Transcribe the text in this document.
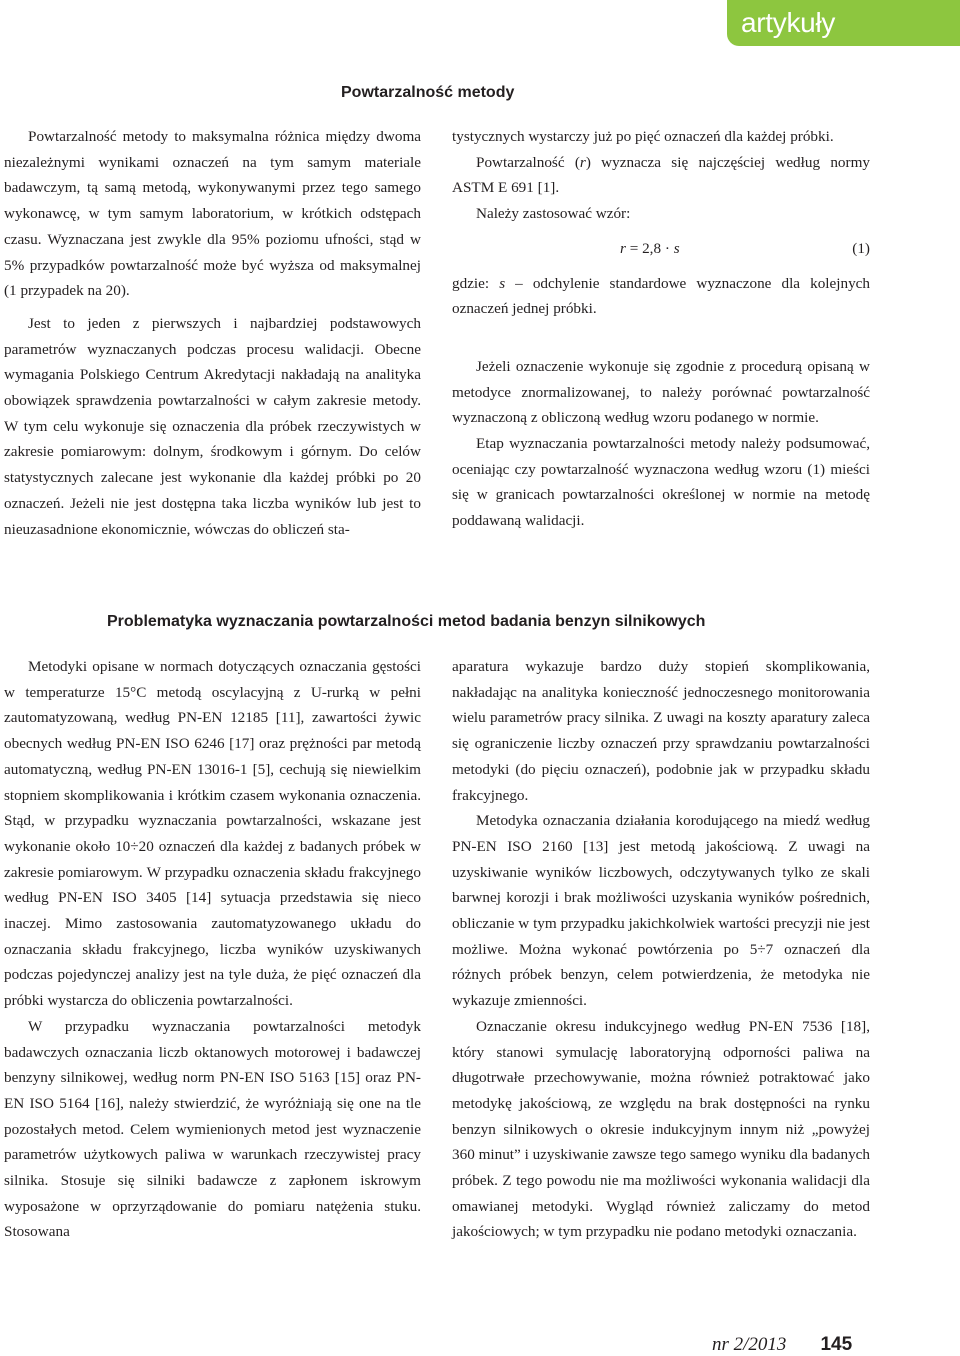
artykuły
Powtarzalność metody

Powtarzalność metody to maksymalna różnica między dwoma niezależnymi wynikami oznaczeń na tym samym materiale badawczym, tą samą metodą, wykonywanymi przez tego samego wykonawcę, w tym samym laboratorium, w krótkich odstępach czasu. Wyznaczana jest zwykle dla 95% poziomu ufności, stąd w 5% przypadków powtarzalność może być wyższa od maksymalnej (1 przypadek na 20).

Jest to jeden z pierwszych i najbardziej podstawowych parametrów wyznaczanych podczas procesu walidacji. Obecne wymagania Polskiego Centrum Akredytacji nakładają na analityka obowiązek sprawdzenia powtarzalności w całym zakresie metody. W tym celu wykonuje się oznaczenia dla próbek rzeczywistych w zakresie pomiarowym: dolnym, środkowym i górnym. Do celów statystycznych zalecane jest wykonanie dla każdej próbki po 20 oznaczeń. Jeżeli nie jest dostępna taka liczba wyników lub jest to nieuzasadnione ekonomicznie, wówczas do obliczeń sta-

tystycznych wystarczy już po pięć oznaczeń dla każdej próbki.

Powtarzalność (r) wyznacza się najczęściej według normy ASTM E 691 [1].

Należy zastosować wzór:

r = 2,8 · s	(1)

gdzie: s – odchylenie standardowe wyznaczone dla kolejnych oznaczeń jednej próbki.

Jeżeli oznaczenie wykonuje się zgodnie z procedurą opisaną w metodyce znormalizowanej, to należy porównać powtarzalność wyznaczoną z obliczoną według wzoru podanego w normie.

Etap wyznaczania powtarzalności metody należy podsumować, oceniając czy powtarzalność wyznaczona według wzoru (1) mieści się w granicach powtarzalności określonej w normie na metodę poddawaną walidacji.

Problematyka wyznaczania powtarzalności metod badania benzyn silnikowych

Metodyki opisane w normach dotyczących oznaczania gęstości w temperaturze 15°C metodą oscylacyjną z U-rurką w pełni zautomatyzowaną, według PN-EN 12185 [11], zawartości żywic obecnych według PN-EN ISO 6246 [17] oraz prężności par metodą automatyczną, według PN-EN 13016-1 [5], cechują się niewielkim stopniem skomplikowania i krótkim czasem wykonania oznaczenia. Stąd, w przypadku wyznaczania powtarzalności, wskazane jest wykonanie około 10÷20 oznaczeń dla każdej z badanych próbek w zakresie pomiarowym. W przypadku oznaczenia składu frakcyjnego według PN-EN ISO 3405 [14] sytuacja przedstawia się nieco inaczej. Mimo zastosowania zautomatyzowanego układu do oznaczania składu frakcyjnego, liczba wyników uzyskiwanych podczas pojedynczej analizy jest na tyle duża, że pięć oznaczeń dla próbki wystarcza do obliczenia powtarzalności.

W przypadku wyznaczania powtarzalności metodyk badawczych oznaczania liczb oktanowych motorowej i badawczej benzyny silnikowej, według norm PN-EN ISO 5163 [15] oraz PN-EN ISO 5164 [16], należy stwierdzić, że wyróżniają się one na tle pozostałych metod. Celem wymienionych metod jest wyznaczenie parametrów użytkowych paliwa w warunkach rzeczywistej pracy silnika. Stosuje się silniki badawcze z zapłonem iskrowym wyposażone w oprzyrządowanie do pomiaru natężenia stuku. Stosowana

aparatura wykazuje bardzo duży stopień skomplikowania, nakładając na analityka konieczność jednoczesnego monitorowania wielu parametrów pracy silnika. Z uwagi na koszty aparatury zaleca się ograniczenie liczby oznaczeń przy sprawdzaniu powtarzalności metodyki (do pięciu oznaczeń), podobnie jak w przypadku składu frakcyjnego.

Metodyka oznaczania działania korodującego na miedź według PN-EN ISO 2160 [13] jest metodą jakościową. Z uwagi na uzyskiwanie wyników liczbowych, odczytywanych tylko ze skali barwnej korozji i brak możliwości uzyskania wyników pośrednich, obliczanie w tym przypadku jakichkolwiek wartości precyzji nie jest możliwe. Można wykonać powtórzenia po 5÷7 oznaczeń dla różnych próbek benzyn, celem potwierdzenia, że metodyka nie wykazuje zmienności.

Oznaczanie okresu indukcyjnego według PN-EN 7536 [18], który stanowi symulację laboratoryjną odporności paliwa na długotrwałe przechowywanie, można również potraktować jako metodykę jakościową, ze względu na brak dostępności na rynku benzyn silnikowych o okresie indukcyjnym innym niż „powyżej 360 minut” i uzyskiwanie zawsze tego samego wyniku dla badanych próbek. Z tego powodu nie ma możliwości wykonania walidacji dla omawianej metodyki. Wygląd również zaliczamy do metod jakościowych; w tym przypadku nie podano metodyki oznaczania.

nr 2/2013 145
